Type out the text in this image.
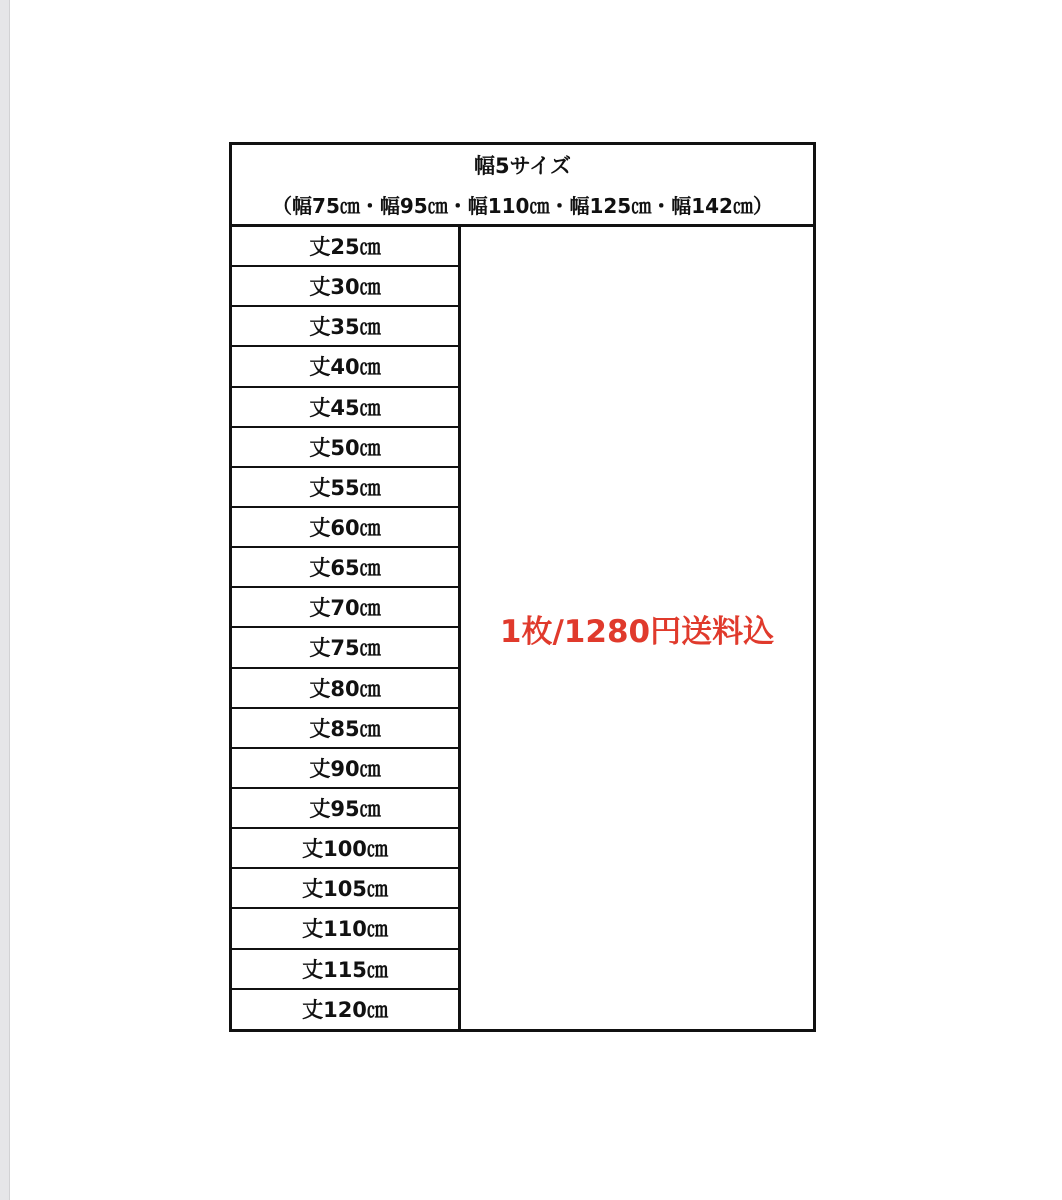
幅5サイズ
（幅75㎝・幅95㎝・幅110㎝・幅125㎝・幅142㎝）
丈25㎝
丈30㎝
丈35㎝
丈40㎝
丈45㎝
丈50㎝
丈55㎝
丈60㎝
丈65㎝
丈70㎝
丈75㎝
丈80㎝
丈85㎝
丈90㎝
丈95㎝
丈100㎝
丈105㎝
丈110㎝
丈115㎝
丈120㎝
1枚/1280円送料込
